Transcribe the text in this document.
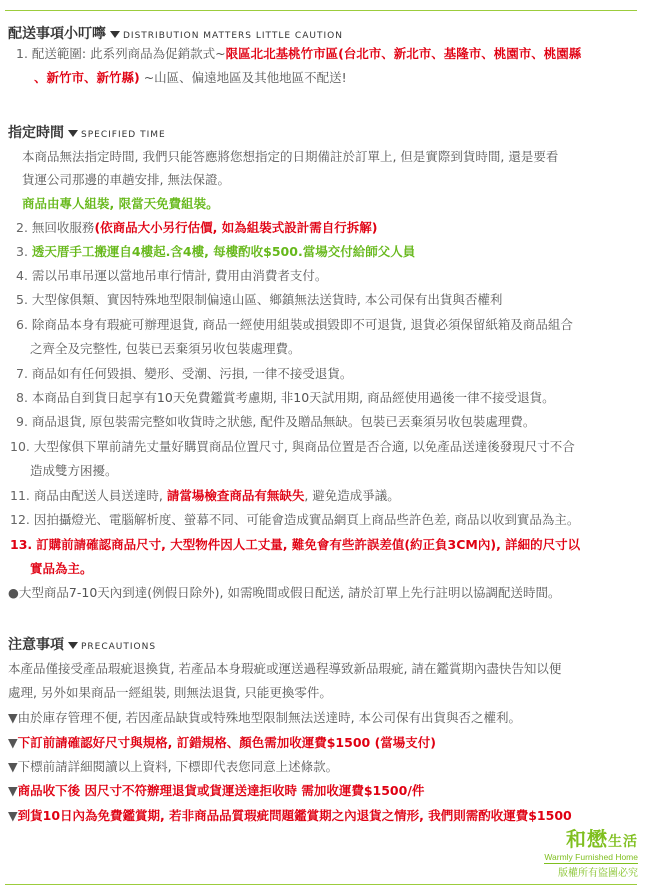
配送事項小叮嚀 DISTRIBUTION MATTERS LITTLE CAUTION
1. 配送範圍: 此系列商品為促銷款式~限區北北基桃竹市區(台北市、新北市、基隆市、桃園市、桃園縣
、新竹市、新竹縣) ~山區、偏遠地區及其他地區不配送!
指定時間 SPECIFIED TIME
本商品無法指定時間, 我們只能答應將您想指定的日期備註於訂單上, 但是實際到貨時間, 還是要看
貨運公司那邊的車趟安排, 無法保證。
商品由專人組裝, 限當天免費組裝。
2. 無回收服務(依商品大小另行估價, 如為組裝式設計需自行拆解)
3. 透天厝手工搬運自4樓起.含4樓, 每樓酌收$500.當場交付給師父人員
4. 需以吊車吊運以當地吊車行情計, 費用由消費者支付。
5. 大型傢俱類、實因特殊地型限制偏遠山區、鄉鎮無法送貨時, 本公司保有出貨與否權利
6. 除商品本身有瑕疵可辦理退貨, 商品一經使用組裝或損毀即不可退貨, 退貨必須保留紙箱及商品組合
之齊全及完整性, 包裝已丟棄須另收包裝處理費。
7. 商品如有任何毀損、變形、受潮、污損, 一律不接受退貨。
8. 本商品自到貨日起享有10天免費鑑賞考慮期, 非10天試用期, 商品經使用過後一律不接受退貨。
9. 商品退貨, 原包裝需完整如收貨時之狀態, 配件及贈品無缺。包裝已丟棄須另收包裝處理費。
10. 大型傢俱下單前請先丈量好購買商品位置尺寸, 與商品位置是否合適, 以免產品送達後發現尺寸不合
造成雙方困擾。
11. 商品由配送人員送達時, 請當場檢查商品有無缺失, 避免造成爭議。
12. 因拍攝燈光、電腦解析度、螢幕不同、可能會造成實品網頁上商品些許色差, 商品以收到實品為主。
13. 訂購前請確認商品尺寸, 大型物件因人工丈量, 難免會有些許誤差值(約正負3CM內), 詳細的尺寸以
實品為主。
●大型商品7-10天內到達(例假日除外), 如需晚間或假日配送, 請於訂單上先行註明以協調配送時間。
注意事項 PRECAUTIONS
本產品僅接受產品瑕疵退換貨, 若產品本身瑕疵或運送過程導致新品瑕疵, 請在鑑賞期內盡快告知以便
處理, 另外如果商品一經組裝, 則無法退貨, 只能更換零件。
▼由於庫存管理不便, 若因產品缺貨或特殊地型限制無法送達時, 本公司保有出貨與否之權利。
▼下訂前請確認好尺寸與規格, 訂錯規格、顏色需加收運費$1500 (當場支付)
▼下標前請詳細閱讀以上資料, 下標即代表您同意上述條款。
▼商品收下後 因尺寸不符辦理退貨或貨運送達拒收時 需加收運費$1500/件
▼到貨10日內為免費鑑賞期, 若非商品品質瑕疵問題鑑賞期之內退貨之情形, 我們則需酌收運費$1500
和懋生活
Warmly Furnished Home
版權所有盜圖必究
